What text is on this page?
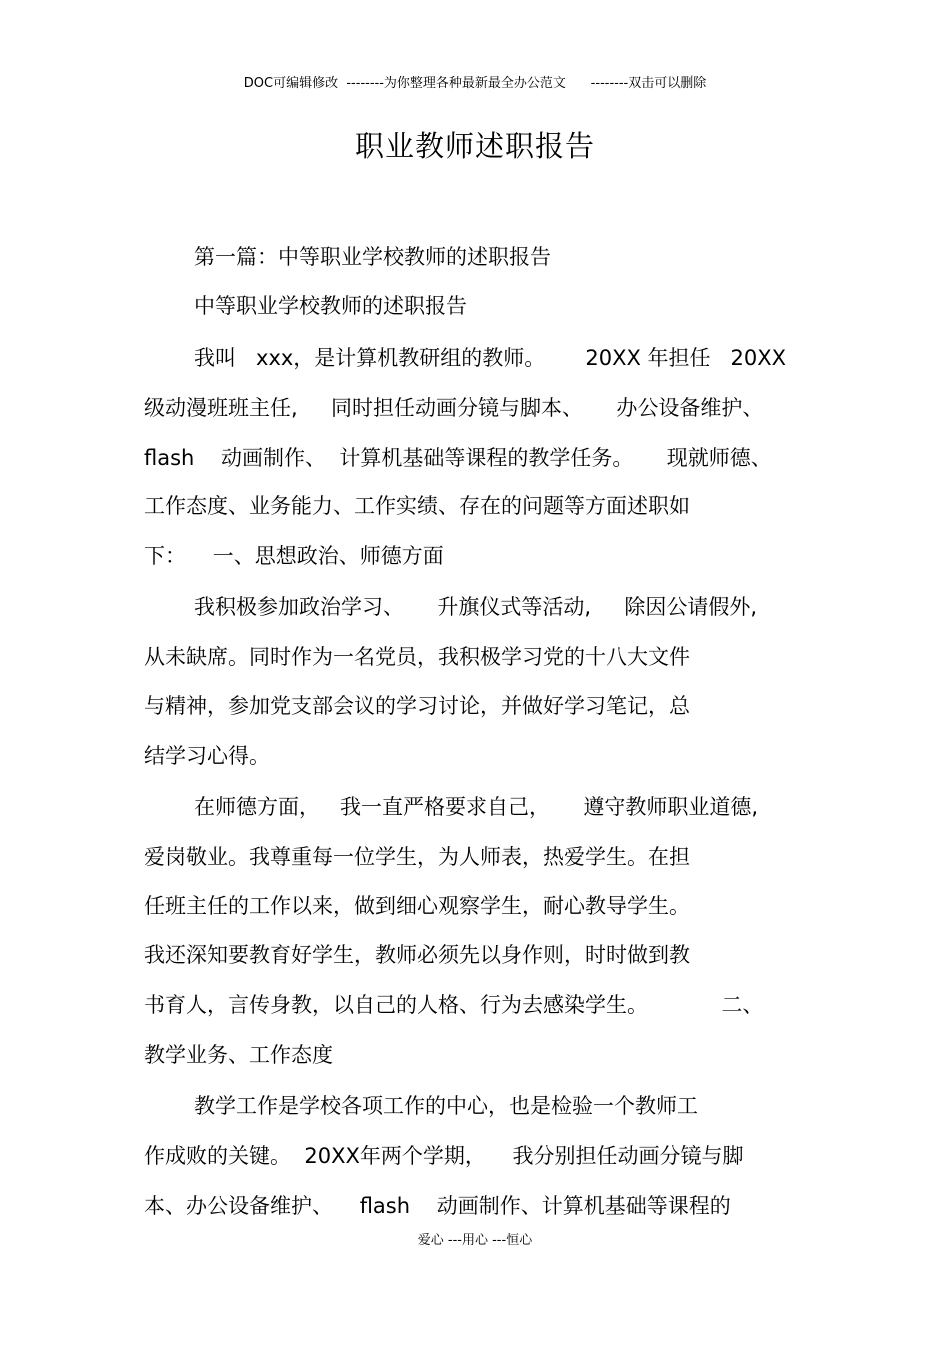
DOC可编辑修改  --------为你整理各种最新最全办公范文      --------双击可以删除
职业教师述职报告
第一篇：中等职业学校教师的述职报告
中等职业学校教师的述职报告
我叫   xxx，是计算机教研组的教师。      20XX 年担任   20XX
级动漫班班主任,     同时担任动画分镜与脚本、     办公设备维护、
flash    动画制作、  计算机基础等课程的教学任务。     现就师德、
工作态度、业务能力、工作实绩、存在的问题等方面述职如
下：    一、思想政治、师德方面
我积极参加政治学习、     升旗仪式等活动,     除因公请假外,
从未缺席。同时作为一名党员，我积极学习党的十八大文件
与精神，参加党支部会议的学习讨论，并做好学习笔记，总
结学习心得。
在师德方面，   我一直严格要求自己，     遵守教师职业道德,
爱岗敬业。我尊重每一位学生，为人师表，热爱学生。在担
任班主任的工作以来，做到细心观察学生，耐心教导学生。
我还深知要教育好学生，教师必须先以身作则，时时做到教
书育人，言传身教，以自己的人格、行为去感染学生。           二、
教学业务、工作态度
教学工作是学校各项工作的中心，也是检验一个教师工
作成败的关键。  20XX年两个学期，    我分别担任动画分镜与脚
本、办公设备维护、    flash    动画制作、计算机基础等课程的
爱心 ---用心 ---恒心
